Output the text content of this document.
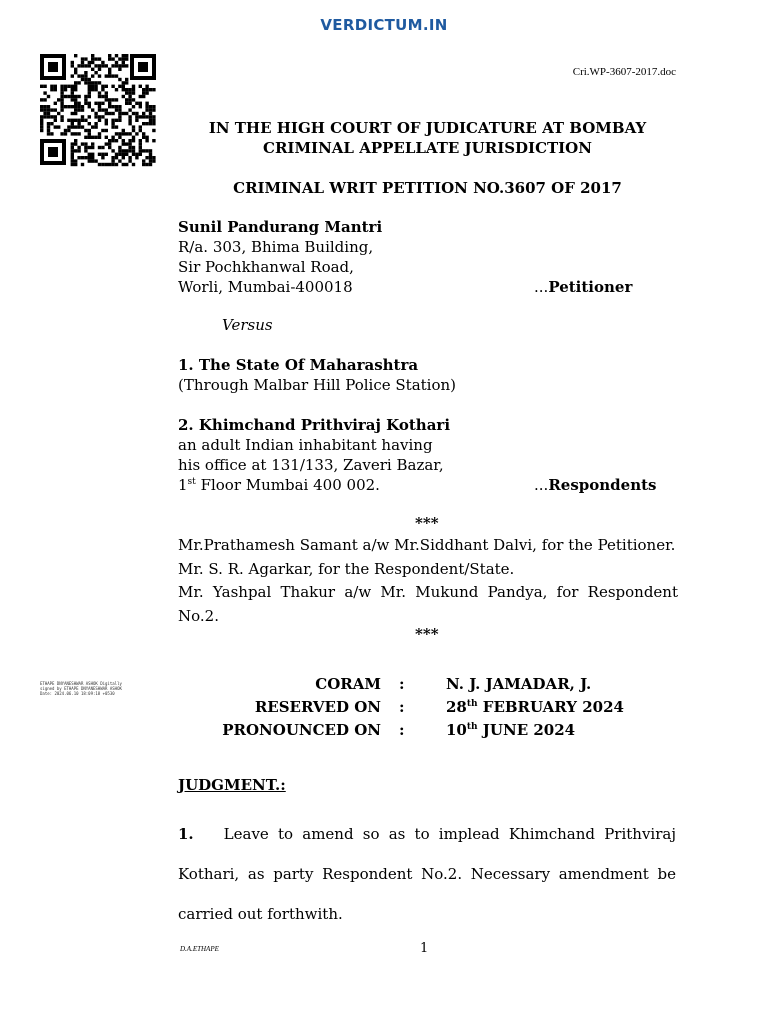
VERDICTUM.IN
Cri.WP-3607-2017.doc
IN THE HIGH COURT OF JUDICATURE AT BOMBAY
CRIMINAL APPELLATE JURISDICTION
CRIMINAL WRIT PETITION NO.3607 OF 2017
Sunil Pandurang Mantri
R/a. 303, Bhima Building,
Sir Pochkhanwal Road,
Worli, Mumbai-400018	...Petitioner
Versus
1. The State Of Maharashtra
(Through Malbar Hill Police Station)
2. Khimchand Prithviraj Kothari
an adult Indian inhabitant having
his office at 131/133, Zaveri Bazar,
1st Floor Mumbai 400 002.	...Respondents
***
Mr.Prathamesh Samant a/w Mr.Siddhant Dalvi, for the Petitioner.
Mr. S. R. Agarkar, for the Respondent/State.
Mr. Yashpal Thakur a/w Mr. Mukund Pandya, for Respondent No.2.
***
ETHAPE DNYANESHWAR ASHOK Digitally signed by ETHAPE DNYANESHWAR ASHOK Date: 2024.06.10 18:09:18 +0530
CORAM :	N. J. JAMADAR, J.
RESERVED ON :	28th FEBRUARY 2024
PRONOUNCED ON :	10th JUNE 2024
JUDGMENT.:
1. Leave to amend so as to implead Khimchand Prithviraj Kothari, as party Respondent No.2. Necessary amendment be carried out forthwith.
D.A.ETHAPE	1
